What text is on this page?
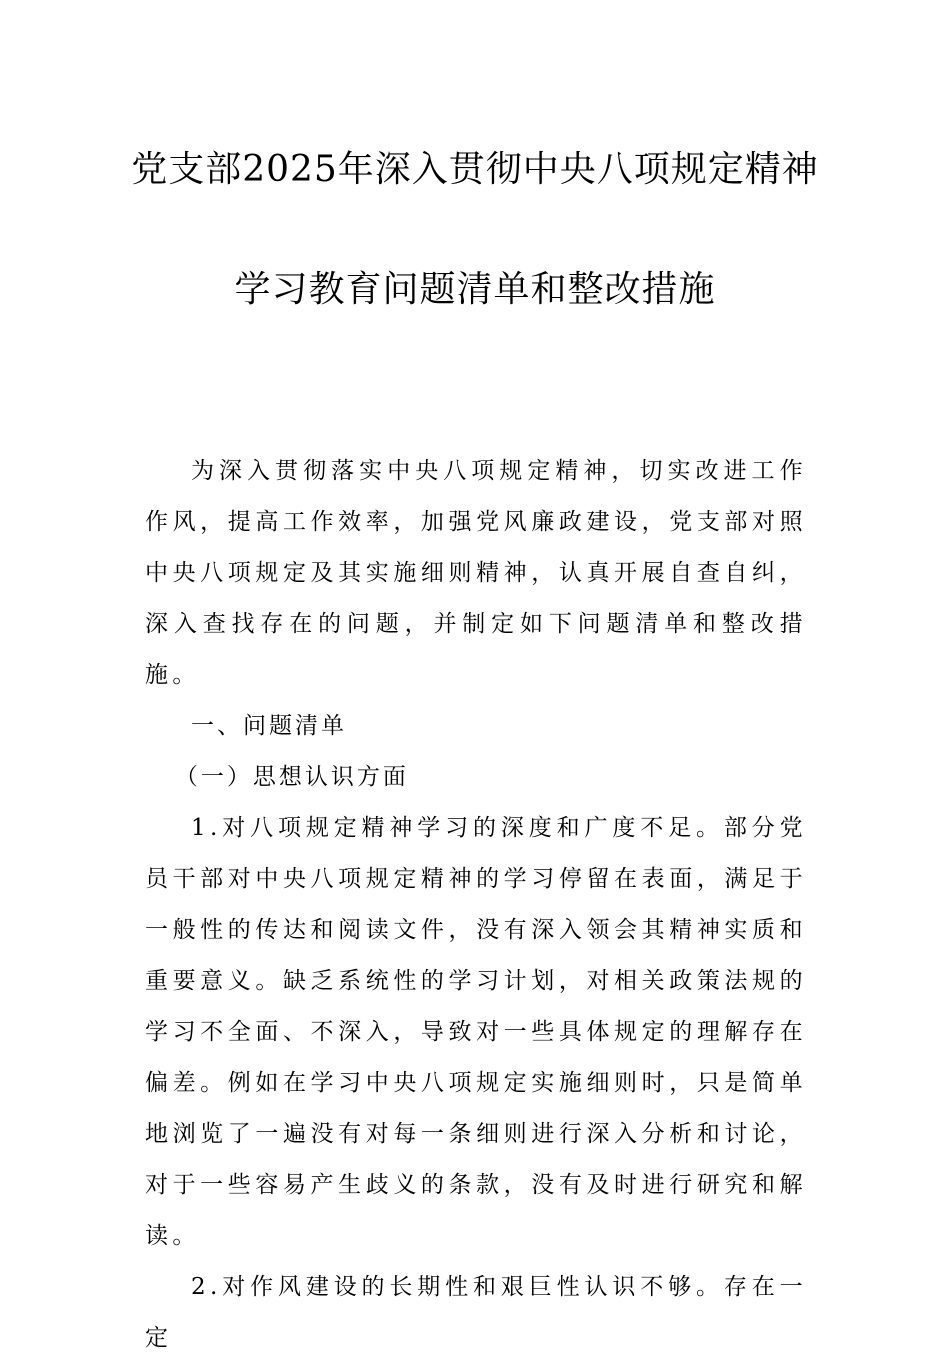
党支部2025年深入贯彻中央八项规定精神
学习教育问题清单和整改措施

为深入贯彻落实中央八项规定精神，切实改进工作作风，提高工作效率，加强党风廉政建设，党支部对照中央八项规定及其实施细则精神，认真开展自查自纠，深入查找存在的问题，并制定如下问题清单和整改措施。

一、问题清单

（一）思想认识方面

1.对八项规定精神学习的深度和广度不足。部分党员干部对中央八项规定精神的学习停留在表面，满足于一般性的传达和阅读文件，没有深入领会其精神实质和重要意义。缺乏系统性的学习计划，对相关政策法规的学习不全面、不深入，导致对一些具体规定的理解存在偏差。例如在学习中央八项规定实施细则时，只是简单地浏览了一遍没有对每一条细则进行深入分析和讨论，对于一些容易产生歧义的条款，没有及时进行研究和解读。

2.对作风建设的长期性和艰巨性认识不够。存在一定
